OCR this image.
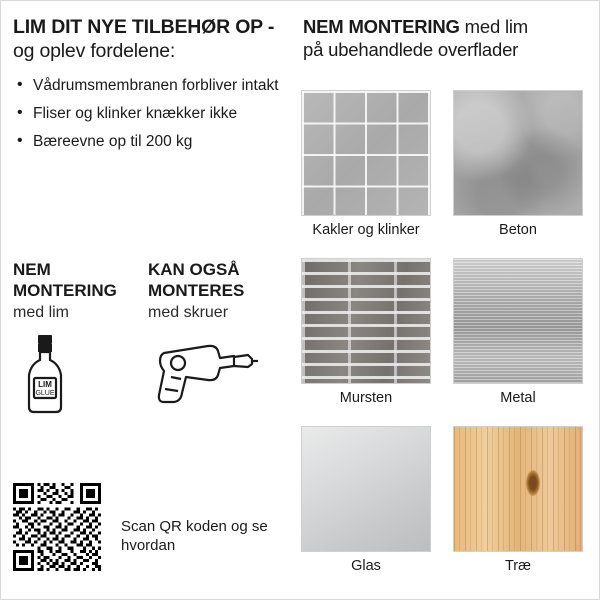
LIM DIT NYE TILBEHØR OP - og oplev fordelene:
• Vådrumsmembranen forbliver intakt
• Fliser og klinker knækker ikke
• Bæreevne op til 200 kg

NEM MONTERING

med lim

LIM
GLUE

KAN OGSÅ MONTERES

med skruer

Scan QR koden og se hvordan
NEM MONTERING med lim
på ubehandlede overflader
Kakler og klinker	Beton
Mursten	Metal
Glas	Træ
